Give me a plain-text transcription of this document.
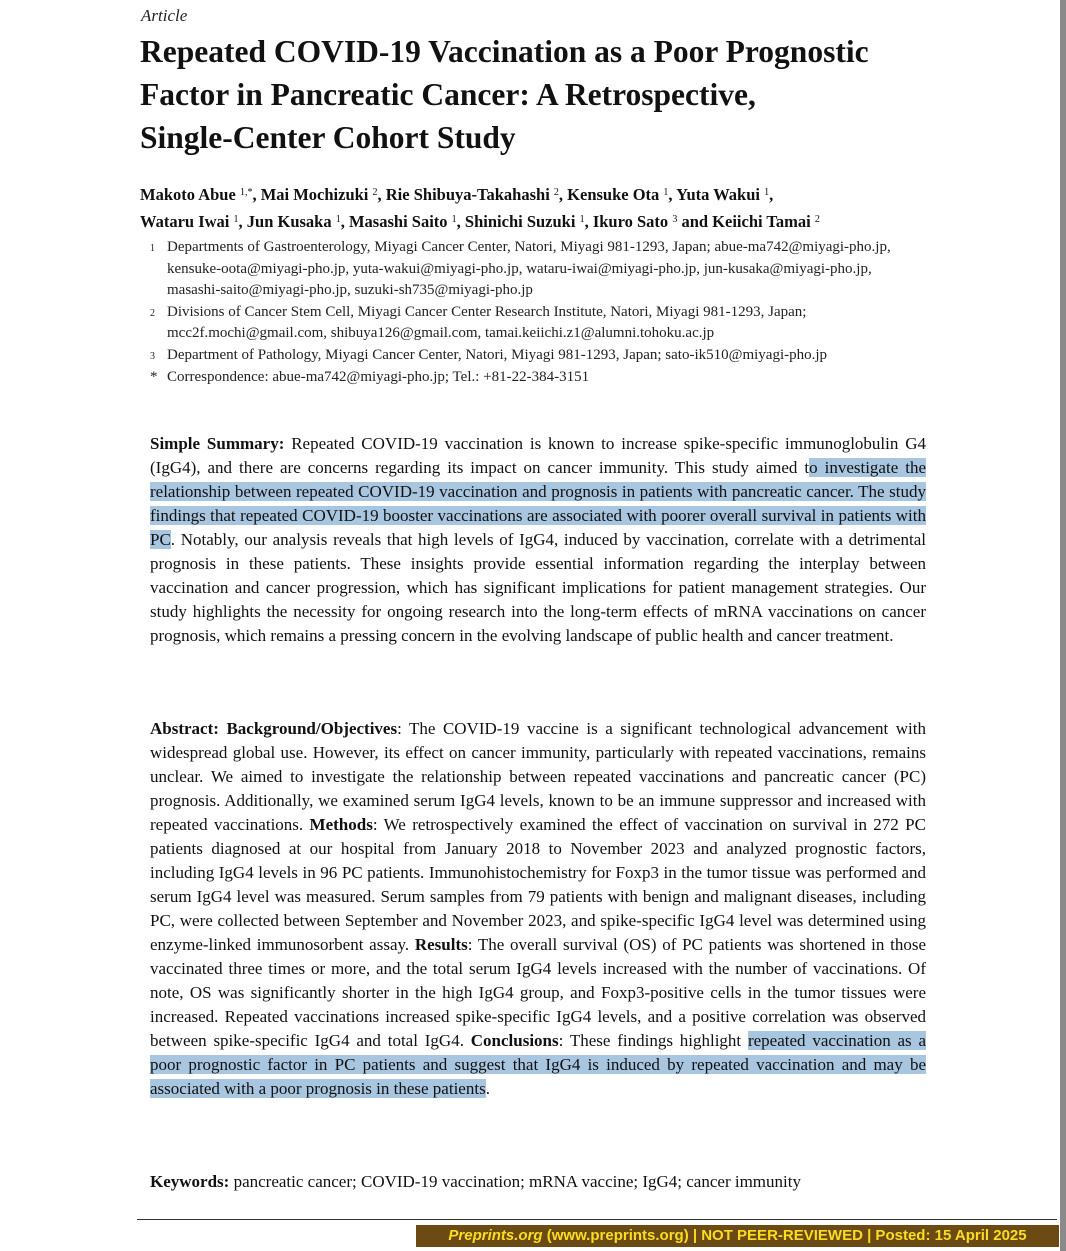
Article
Repeated COVID-19 Vaccination as a Poor Prognostic
Factor in Pancreatic Cancer: A Retrospective,
Single-Center Cohort Study
Makoto Abue $^{1,*}$, Mai Mochizuki $^2$, Rie Shibuya-Takahashi $^2$, Kensuke Ota $^1$, Yuta Wakui $^1$,
Wataru Iwai $^1$, Jun Kusaka $^1$, Masashi Saito $^1$, Shinichi Suzuki $^1$, Ikuro Sato $^3$ and Keiichi Tamai $^2$
1 Departments of Gastroenterology, Miyagi Cancer Center, Natori, Miyagi 981-1293, Japan; abue-ma742@miyagi-pho.jp, kensuke-oota@miyagi-pho.jp, yuta-wakui@miyagi-pho.jp, wataru-iwai@miyagi-pho.jp, jun-kusaka@miyagi-pho.jp, masashi-saito@miyagi-pho.jp, suzuki-sh735@miyagi-pho.jp
2 Divisions of Cancer Stem Cell, Miyagi Cancer Center Research Institute, Natori, Miyagi 981-1293, Japan; mcc2f.mochi@gmail.com, shibuya126@gmail.com, tamai.keiichi.z1@alumni.tohoku.ac.jp
3 Department of Pathology, Miyagi Cancer Center, Natori, Miyagi 981-1293, Japan; sato-ik510@miyagi-pho.jp
* Correspondence: abue-ma742@miyagi-pho.jp; Tel.: +81-22-384-3151

Simple Summary: Repeated COVID-19 vaccination is known to increase spike-specific immunoglobulin G4 (IgG4), and there are concerns regarding its impact on cancer immunity. This study aimed to investigate the relationship between repeated COVID-19 vaccination and prognosis in patients with pancreatic cancer. The study findings that repeated COVID-19 booster vaccinations are associated with poorer overall survival in patients with PC. Notably, our analysis reveals that high levels of IgG4, induced by vaccination, correlate with a detrimental prognosis in these patients. These insights provide essential information regarding the interplay between vaccination and cancer progression, which has significant implications for patient management strategies. Our study highlights the necessity for ongoing research into the long-term effects of mRNA vaccinations on cancer prognosis, which remains a pressing concern in the evolving landscape of public health and cancer treatment.

Abstract: Background/Objectives: The COVID-19 vaccine is a significant technological advancement with widespread global use. However, its effect on cancer immunity, particularly with repeated vaccinations, remains unclear. We aimed to investigate the relationship between repeated vaccinations and pancreatic cancer (PC) prognosis. Additionally, we examined serum IgG4 levels, known to be an immune suppressor and increased with repeated vaccinations. Methods: We retrospectively examined the effect of vaccination on survival in 272 PC patients diagnosed at our hospital from January 2018 to November 2023 and analyzed prognostic factors, including IgG4 levels in 96 PC patients. Immunohistochemistry for Foxp3 in the tumor tissue was performed and serum IgG4 level was measured. Serum samples from 79 patients with benign and malignant diseases, including PC, were collected between September and November 2023, and spike-specific IgG4 level was determined using enzyme-linked immunosorbent assay. Results: The overall survival (OS) of PC patients was shortened in those vaccinated three times or more, and the total serum IgG4 levels increased with the number of vaccinations. Of note, OS was significantly shorter in the high IgG4 group, and Foxp3-positive cells in the tumor tissues were increased. Repeated vaccinations increased spike-specific IgG4 levels, and a positive correlation was observed between spike-specific IgG4 and total IgG4. Conclusions: These findings highlight repeated vaccination as a poor prognostic factor in PC patients and suggest that IgG4 is induced by repeated vaccination and may be associated with a poor prognosis in these patients.

Keywords: pancreatic cancer; COVID-19 vaccination; mRNA vaccine; IgG4; cancer immunity

Preprints.org (www.preprints.org) | NOT PEER-REVIEWED | Posted: 15 April 2025
